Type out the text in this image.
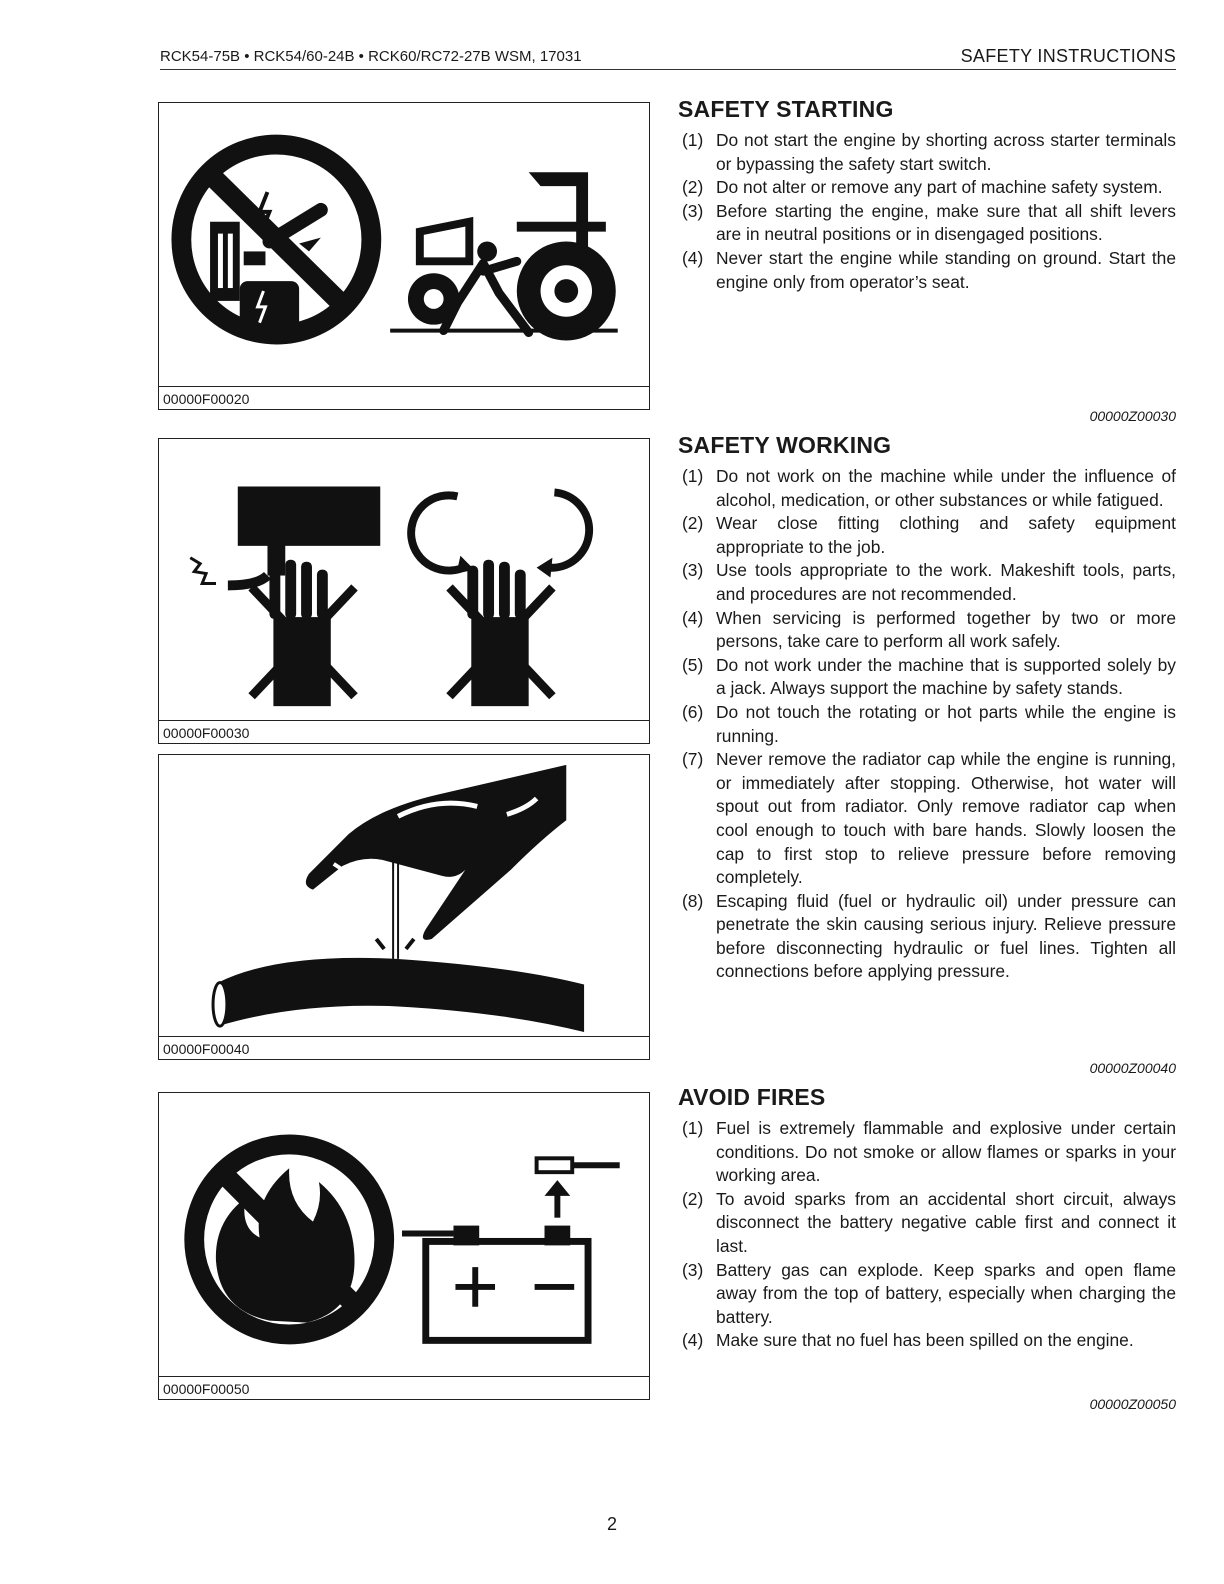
RCK54-75B • RCK54/60-24B • RCK60/RC72-27B WSM, 17031	SAFETY INSTRUCTIONS
00000F00020
00000F00030
00000F00040
00000F00050
SAFETY STARTING
(1) Do not start the engine by shorting across starter terminals or bypassing the safety start switch.
(2) Do not alter or remove any part of machine safety system.
(3) Before starting the engine, make sure that all shift levers are in neutral positions or in disengaged positions.
(4) Never start the engine while standing on ground. Start the engine only from operator’s seat.
00000Z00030
SAFETY WORKING
(1) Do not work on the machine while under the influence of alcohol, medication, or other substances or while fatigued.
(2) Wear close fitting clothing and safety equipment appropriate to the job.
(3) Use tools appropriate to the work. Makeshift tools, parts, and procedures are not recommended.
(4) When servicing is performed together by two or more persons, take care to perform all work safely.
(5) Do not work under the machine that is supported solely by a jack. Always support the machine by safety stands.
(6) Do not touch the rotating or hot parts while the engine is running.
(7) Never remove the radiator cap while the engine is running, or immediately after stopping. Otherwise, hot water will spout out from radiator. Only remove radiator cap when cool enough to touch with bare hands. Slowly loosen the cap to first stop to relieve pressure before removing completely.
(8) Escaping fluid (fuel or hydraulic oil) under pressure can penetrate the skin causing serious injury. Relieve pressure before disconnecting hydraulic or fuel lines. Tighten all connections before applying pressure.
00000Z00040
AVOID FIRES
(1) Fuel is extremely flammable and explosive under certain conditions. Do not smoke or allow flames or sparks in your working area.
(2) To avoid sparks from an accidental short circuit, always disconnect the battery negative cable first and connect it last.
(3) Battery gas can explode. Keep sparks and open flame away from the top of battery, especially when charging the battery.
(4) Make sure that no fuel has been spilled on the engine.
00000Z00050
2
